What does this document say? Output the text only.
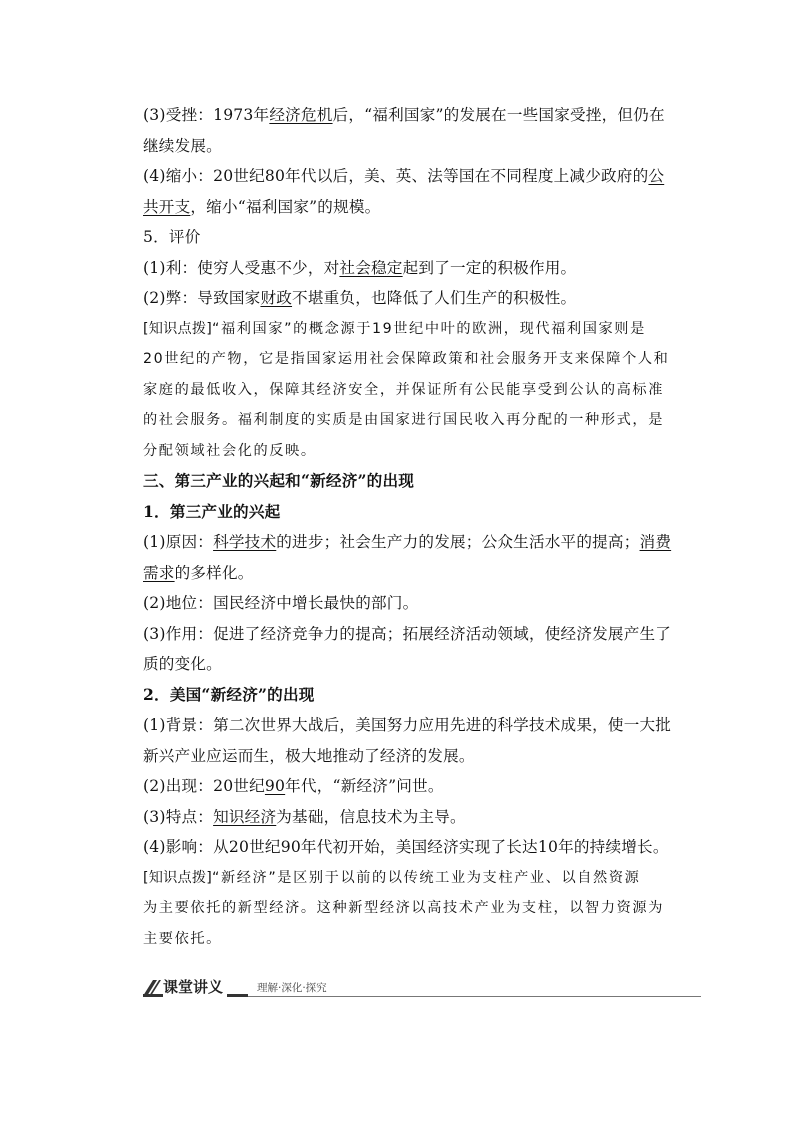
(3)受挫：1973年经济危机后，“福利国家”的发展在一些国家受挫，但仍在
继续发展。
(4)缩小：20世纪80年代以后，美、英、法等国在不同程度上减少政府的公
共开支，缩小“福利国家”的规模。
5．评价
(1)利：使穷人受惠不少，对社会稳定起到了一定的积极作用。
(2)弊：导致国家财政不堪重负，也降低了人们生产的积极性。
[知识点拨]“福利国家”的概念源于19世纪中叶的欧洲，现代福利国家则是
20世纪的产物，它是指国家运用社会保障政策和社会服务开支来保障个人和
家庭的最低收入，保障其经济安全，并保证所有公民能享受到公认的高标准
的社会服务。福利制度的实质是由国家进行国民收入再分配的一种形式，是
分配领域社会化的反映。
三、第三产业的兴起和“新经济”的出现
1．第三产业的兴起
(1)原因：科学技术的进步；社会生产力的发展；公众生活水平的提高；消费
需求的多样化。
(2)地位：国民经济中增长最快的部门。
(3)作用：促进了经济竞争力的提高；拓展经济活动领域，使经济发展产生了
质的变化。
2．美国“新经济”的出现
(1)背景：第二次世界大战后，美国努力应用先进的科学技术成果，使一大批
新兴产业应运而生，极大地推动了经济的发展。
(2)出现：20世纪90年代，“新经济”问世。
(3)特点：知识经济为基础，信息技术为主导。
(4)影响：从20世纪90年代初开始，美国经济实现了长达10年的持续增长。
[知识点拨]“新经济”是区别于以前的以传统工业为支柱产业、以自然资源
为主要依托的新型经济。这种新型经济以高技术产业为支柱，以智力资源为
主要依托。
课堂讲义	理解·深化·探究
